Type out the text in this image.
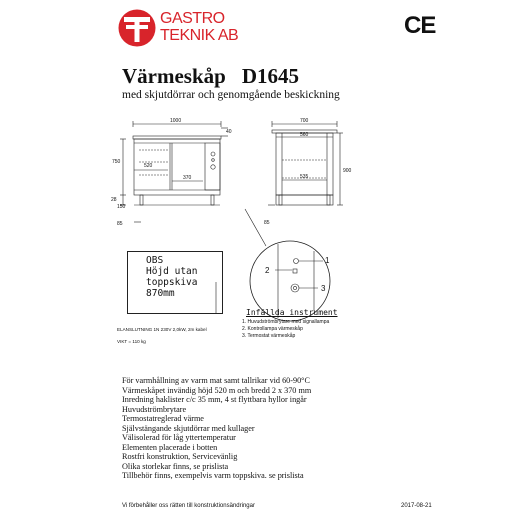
GASTRO
TEKNIK AB	CE
Värmeskåp D1645
med skjutdörrar och genomgående beskickning
1000
40
520
370
750
150
28
85
700
560
535
900
85
1
2
3
OBS
Höjd utan
toppskiva
870mm
Infällda instrument
1. Huvudströmbrytare med signallampa
2. Kontrollampa värmeskåp
3. Termostat värmeskåp
ELANSLUTNING 1N 230V 2,0kW, 2m kabel
VIKT = 110 kg
För varmhållning av varm mat samt tallrikar vid 60-90°C
Värmeskåpet invändig höjd 520 m och bredd 2 x 370 mm
Inredning haklister c/c 35 mm, 4 st flyttbara hyllor ingår
Huvudströmbrytare
Termostatreglerad värme
Självstängande skjutdörrar med kullager
Välisolerad för låg yttertemperatur
Elementen placerade i botten
Rostfri konstruktion, Servicevänlig
Olika storlekar finns, se prislista
Tillbehör finns, exempelvis varm toppskiva. se prislista
Vi förbehåller oss rätten till konstruktionsändringar	2017-08-21
